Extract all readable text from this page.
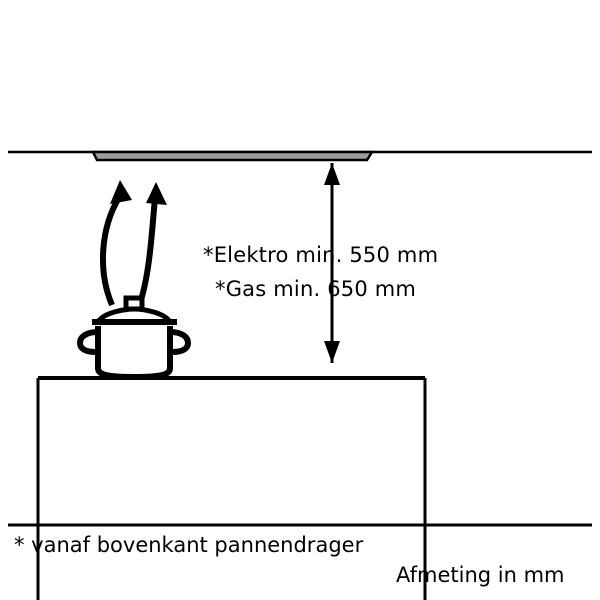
*Elektro min. 550 mm
*Gas min. 650 mm
* vanaf bovenkant pannendrager
Afmeting in mm
